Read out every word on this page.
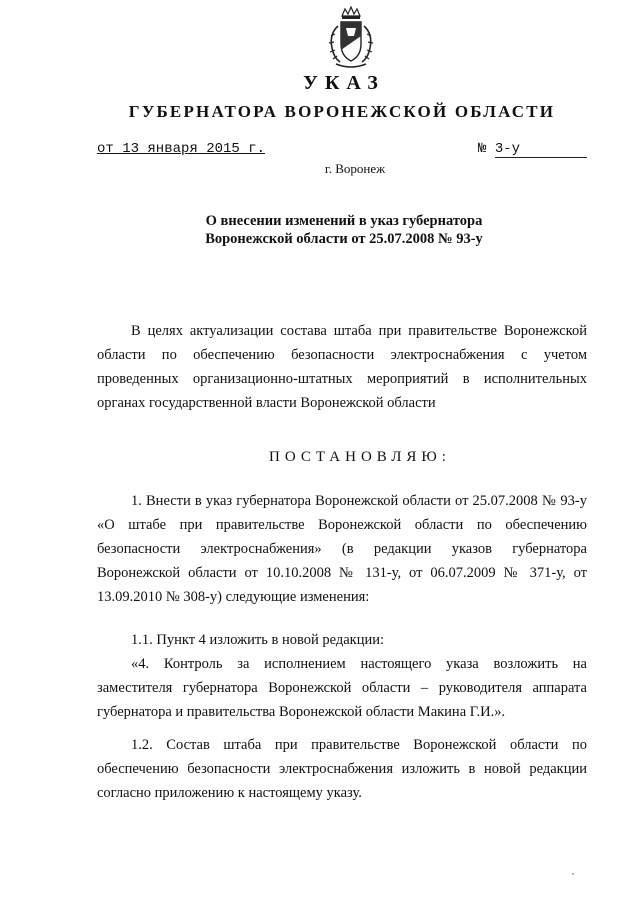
УКАЗ
ГУБЕРНАТОРА ВОРОНЕЖСКОЙ ОБЛАСТИ
от 13 января 2015 г.	№ 3-у
г. Воронеж
О внесении изменений в указ губернатора
Воронежской области от 25.07.2008 № 93-у
В целях актуализации состава штаба при правительстве Воронежской области по обеспечению безопасности электроснабжения с учетом проведенных организационно-штатных мероприятий в исполнительных органах государственной власти Воронежской области
ПОСТАНОВЛЯЮ:
1. Внести в указ губернатора Воронежской области от 25.07.2008 № 93-у «О штабе при правительстве Воронежской области по обеспечению безопасности электроснабжения» (в редакции указов губернатора Воронежской области от 10.10.2008 № 131-у, от 06.07.2009 № 371-у, от 13.09.2010 № 308-у) следующие изменения:
1.1. Пункт 4 изложить в новой редакции:
«4. Контроль за исполнением настоящего указа возложить на заместителя губернатора Воронежской области – руководителя аппарата губернатора и правительства Воронежской области Макина Г.И.».
1.2. Состав штаба при правительстве Воронежской области по обеспечению безопасности электроснабжения изложить в новой редакции согласно приложению к настоящему указу.
